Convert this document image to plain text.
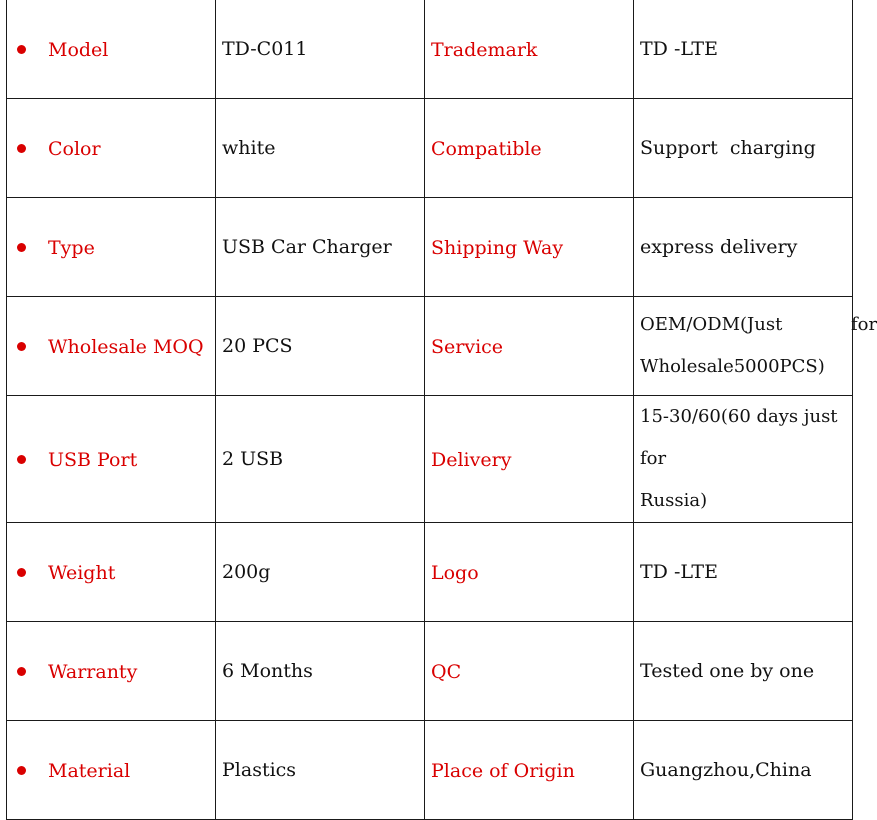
Model	TD-C011	Trademark	TD -LTE
Color	white	Compatible	Support  charging
Type	USB Car Charger	Shipping Way	express delivery
Wholesale MOQ	20 PCS	Service	OEM/ODM(Just            for
Wholesale5000PCS)

USB Port	2 USB	Delivery	15-30/60(60 days just for
Russia)

Weight	200g	Logo	TD -LTE
Warranty	6 Months	QC	Tested one by one
Material	Plastics	Place of Origin	Guangzhou,China
